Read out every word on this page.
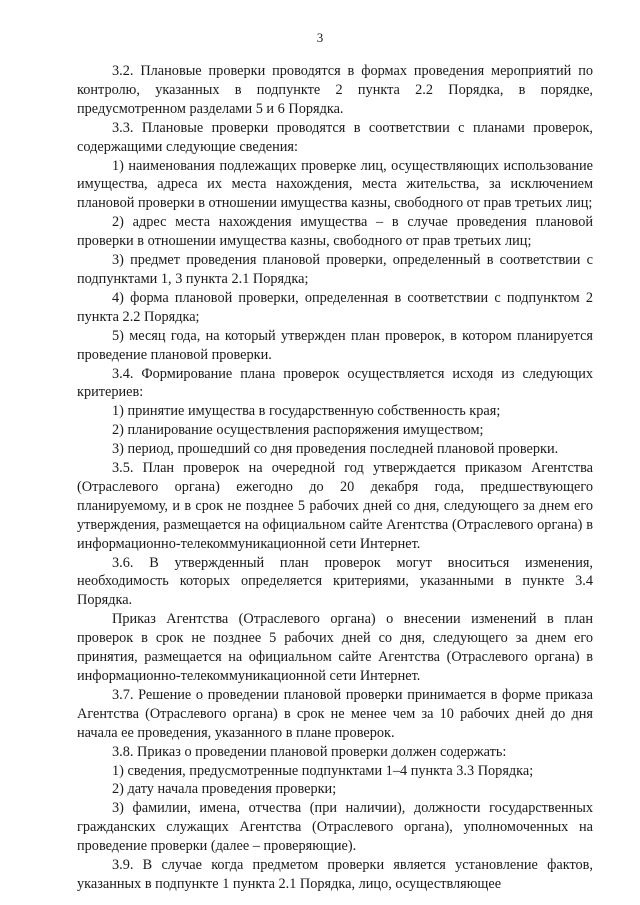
3

3.2. Плановые проверки проводятся в формах проведения мероприятий по контролю, указанных в подпункте 2 пункта 2.2 Порядка, в порядке, предусмотренном разделами 5 и 6 Порядка.

3.3. Плановые проверки проводятся в соответствии с планами проверок, содержащими следующие сведения:

1) наименования подлежащих проверке лиц, осуществляющих использование имущества, адреса их места нахождения, места жительства, за исключением плановой проверки в отношении имущества казны, свободного от прав третьих лиц;

2) адрес места нахождения имущества – в случае проведения плановой проверки в отношении имущества казны, свободного от прав третьих лиц;

3) предмет проведения плановой проверки, определенный в соответствии с подпунктами 1, 3 пункта 2.1 Порядка;

4) форма плановой проверки, определенная в соответствии с подпунктом 2 пункта 2.2 Порядка;

5) месяц года, на который утвержден план проверок, в котором планируется проведение плановой проверки.

3.4. Формирование плана проверок осуществляется исходя из следующих критериев:

1) принятие имущества в государственную собственность края;

2) планирование осуществления распоряжения имуществом;

3) период, прошедший со дня проведения последней плановой проверки.

3.5. План проверок на очередной год утверждается приказом Агентства (Отраслевого органа) ежегодно до 20 декабря года, предшествующего планируемому, и в срок не позднее 5 рабочих дней со дня, следующего за днем его утверждения, размещается на официальном сайте Агентства (Отраслевого органа) в информационно-телекоммуникационной сети Интернет.

3.6. В утвержденный план проверок могут вноситься изменения, необходимость которых определяется критериями, указанными в пункте 3.4 Порядка.

Приказ Агентства (Отраслевого органа) о внесении изменений в план проверок в срок не позднее 5 рабочих дней со дня, следующего за днем его принятия, размещается на официальном сайте Агентства (Отраслевого органа) в информационно-телекоммуникационной сети Интернет.

3.7. Решение о проведении плановой проверки принимается в форме приказа Агентства (Отраслевого органа) в срок не менее чем за 10 рабочих дней до дня начала ее проведения, указанного в плане проверок.

3.8. Приказ о проведении плановой проверки должен содержать:

1) сведения, предусмотренные подпунктами 1–4 пункта 3.3 Порядка;

2) дату начала проведения проверки;

3) фамилии, имена, отчества (при наличии), должности государственных гражданских служащих Агентства (Отраслевого органа), уполномоченных на проведение проверки (далее – проверяющие).

3.9. В случае когда предметом проверки является установление фактов, указанных в подпункте 1 пункта 2.1 Порядка, лицо, осуществляющее
